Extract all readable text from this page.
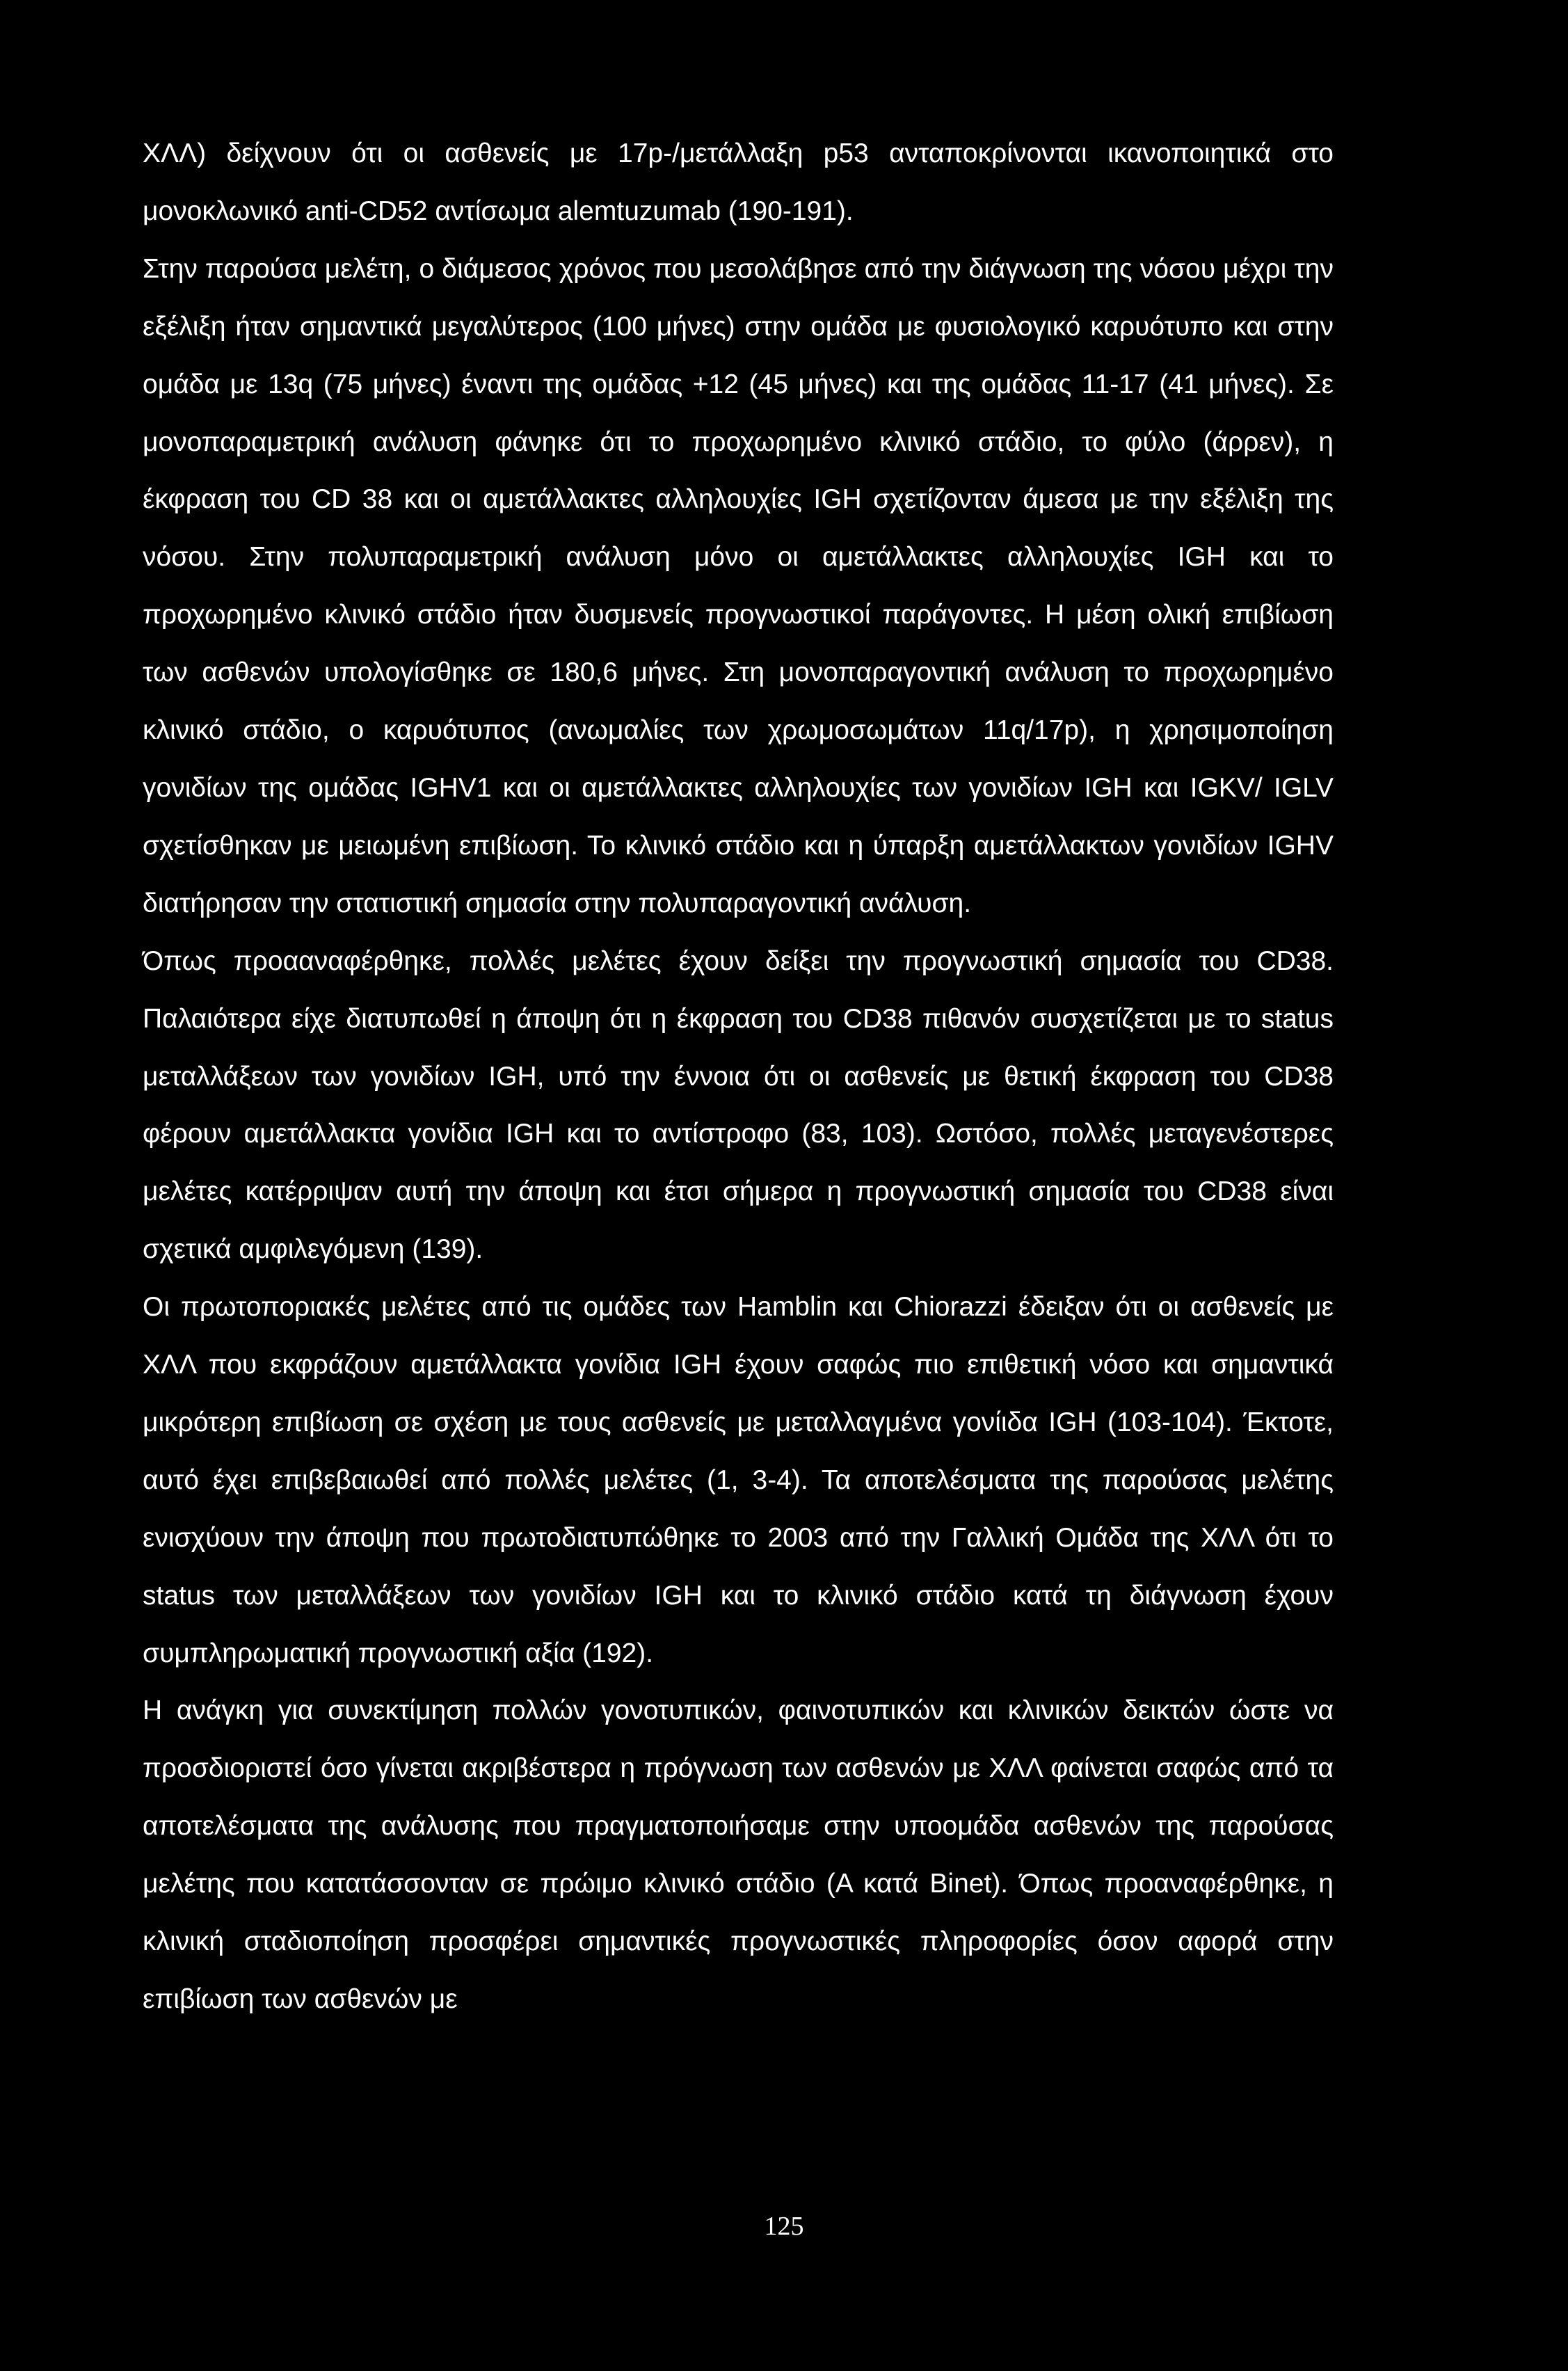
ΧΛΛ) δείχνουν ότι οι ασθενείς με 17p-/μετάλλαξη p53 ανταποκρίνονται ικανοποιητικά στο μονοκλωνικό anti-CD52 αντίσωμα alemtuzumab (190-191).

Στην παρούσα μελέτη, ο διάμεσος χρόνος που μεσολάβησε από την διάγνωση της νόσου μέχρι την εξέλιξη ήταν σημαντικά μεγαλύτερος (100 μήνες) στην ομάδα με φυσιολογικό καρυότυπο και στην ομάδα με 13q (75 μήνες) έναντι της ομάδας +12 (45 μήνες) και της ομάδας 11-17 (41 μήνες). Σε μονοπαραμετρική ανάλυση φάνηκε ότι το προχωρημένο κλινικό στάδιο, το φύλο (άρρεν), η έκφραση του CD 38 και οι αμετάλλακτες αλληλουχίες IGH σχετίζονταν άμεσα με την εξέλιξη της νόσου. Στην πολυπαραμετρική ανάλυση μόνο οι αμετάλλακτες αλληλουχίες IGH και το προχωρημένο κλινικό στάδιο ήταν δυσμενείς προγνωστικοί παράγοντες. Η μέση ολική επιβίωση των ασθενών υπολογίσθηκε σε 180,6 μήνες. Στη μονοπαραγοντική ανάλυση το προχωρημένο κλινικό στάδιο, ο καρυότυπος (ανωμαλίες των χρωμοσωμάτων 11q/17p), η χρησιμοποίηση γονιδίων της ομάδας IGHV1 και οι αμετάλλακτες αλληλουχίες των γονιδίων IGH και IGKV/ IGLV σχετίσθηκαν με μειωμένη επιβίωση. Το κλινικό στάδιο και η ύπαρξη αμετάλλακτων γονιδίων IGHV διατήρησαν την στατιστική σημασία στην πολυπαραγοντική ανάλυση.

Όπως προααναφέρθηκε, πολλές μελέτες έχουν δείξει την προγνωστική σημασία του CD38. Παλαιότερα είχε διατυπωθεί η άποψη ότι η έκφραση του CD38 πιθανόν συσχετίζεται με το status μεταλλάξεων των γονιδίων IGH, υπό την έννοια ότι οι ασθενείς με θετική έκφραση του CD38 φέρουν αμετάλλακτα γονίδια IGH και το αντίστροφο (83, 103). Ωστόσο, πολλές μεταγενέστερες μελέτες κατέρριψαν αυτή την άποψη και έτσι σήμερα η προγνωστική σημασία του CD38 είναι σχετικά αμφιλεγόμενη (139).

Οι πρωτοποριακές μελέτες από τις ομάδες των Hamblin και Chiorazzi έδειξαν ότι οι ασθενείς με ΧΛΛ που εκφράζουν αμετάλλακτα γονίδια IGH έχουν σαφώς πιο επιθετική νόσο και σημαντικά μικρότερη επιβίωση σε σχέση με τους ασθενείς με μεταλλαγμένα γονίιδα IGH (103-104). Έκτοτε, αυτό έχει επιβεβαιωθεί από πολλές μελέτες (1, 3-4). Τα αποτελέσματα της παρούσας μελέτης ενισχύουν την άποψη που πρωτοδιατυπώθηκε το 2003 από την Γαλλική Ομάδα της ΧΛΛ ότι το status των μεταλλάξεων των γονιδίων IGH και το κλινικό στάδιο κατά τη διάγνωση έχουν συμπληρωματική προγνωστική αξία (192).

Η ανάγκη για συνεκτίμηση πολλών γονοτυπικών, φαινοτυπικών και κλινικών δεικτών ώστε να προσδιοριστεί όσο γίνεται ακριβέστερα η πρόγνωση των ασθενών με ΧΛΛ φαίνεται σαφώς από τα αποτελέσματα της ανάλυσης που πραγματοποιήσαμε στην υποομάδα ασθενών της παρούσας μελέτης που κατατάσσονταν σε πρώιμο κλινικό στάδιο (Α κατά Binet). Όπως προαναφέρθηκε, η κλινική σταδιοποίηση προσφέρει σημαντικές προγνωστικές πληροφορίες όσον αφορά στην επιβίωση των ασθενών με

125
